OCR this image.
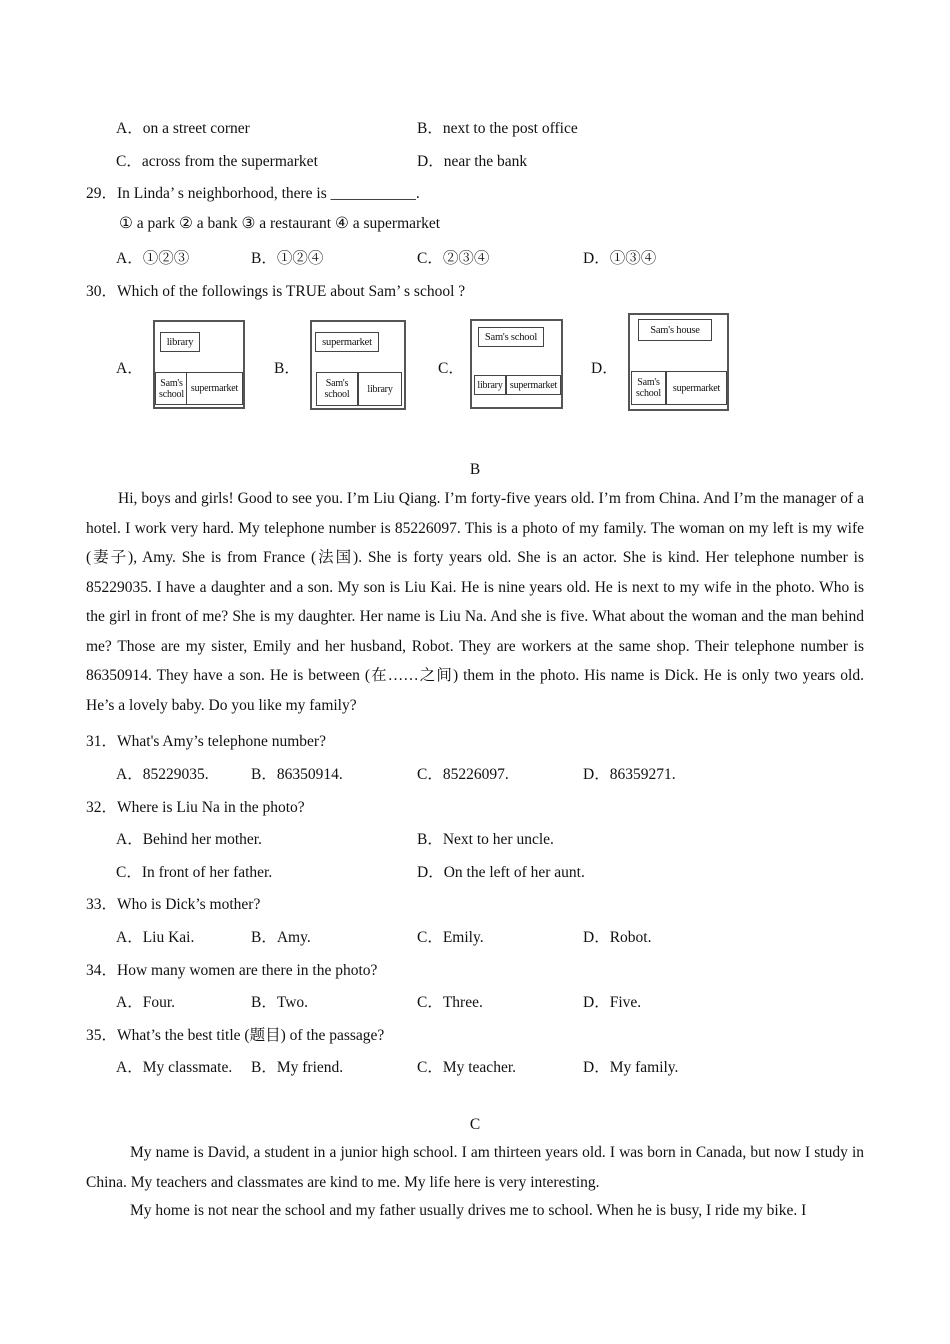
A．on a street corner	B．next to the post office
C．across from the supermarket	D．near the bank
29．In Linda’ s neighborhood, there is ___________.
① a park ② a bank ③ a restaurant ④ a supermarket
A．①②③	B．①②④	C．②③④	D．①③④
30．Which of the followings is TRUE about Sam’ s school ?
A．
library
Sam's school supermarket
B．
supermarket
Sam's school	library
C．
Sam's school
library supermarket
D．
Sam's house
Sam's school	supermarket
B
Hi, boys and girls! Good to see you. I’m Liu Qiang. I’m forty-five years old. I’m from China. And I’m the manager of a hotel. I work very hard. My telephone number is 85226097. This is a photo of my family. The woman on my left is my wife (妻子), Amy. She is from France (法国). She is forty years old. She is an actor. She is kind. Her telephone number is 85229035. I have a daughter and a son. My son is Liu Kai. He is nine years old. He is next to my wife in the photo. Who is the girl in front of me? She is my daughter. Her name is Liu Na. And she is five. What about the woman and the man behind me? Those are my sister, Emily and her husband, Robot. They are workers at the same shop. Their telephone number is 86350914. They have a son. He is between (在……之间) them in the photo. His name is Dick. He is only two years old. He’s a lovely baby. Do you like my family?
31．What's Amy’s telephone number?
A．85229035.	B．86350914.	C．85226097.	D．86359271.
32．Where is Liu Na in the photo?
A．Behind her mother.	B．Next to her uncle.
C．In front of her father.	D．On the left of her aunt.
33．Who is Dick’s mother?
A．Liu Kai.	B．Amy.	C．Emily.	D．Robot.
34．How many women are there in the photo?
A．Four.	B．Two.	C．Three.	D．Five.
35．What’s the best title (题目) of the passage?
A．My classmate. B．My friend.	C．My teacher.	D．My family.
C
My name is David, a student in a junior high school. I am thirteen years old. I was born in Canada, but now I study in China. My teachers and classmates are kind to me. My life here is very interesting.
My home is not near the school and my father usually drives me to school. When he is busy, I ride my bike. I
